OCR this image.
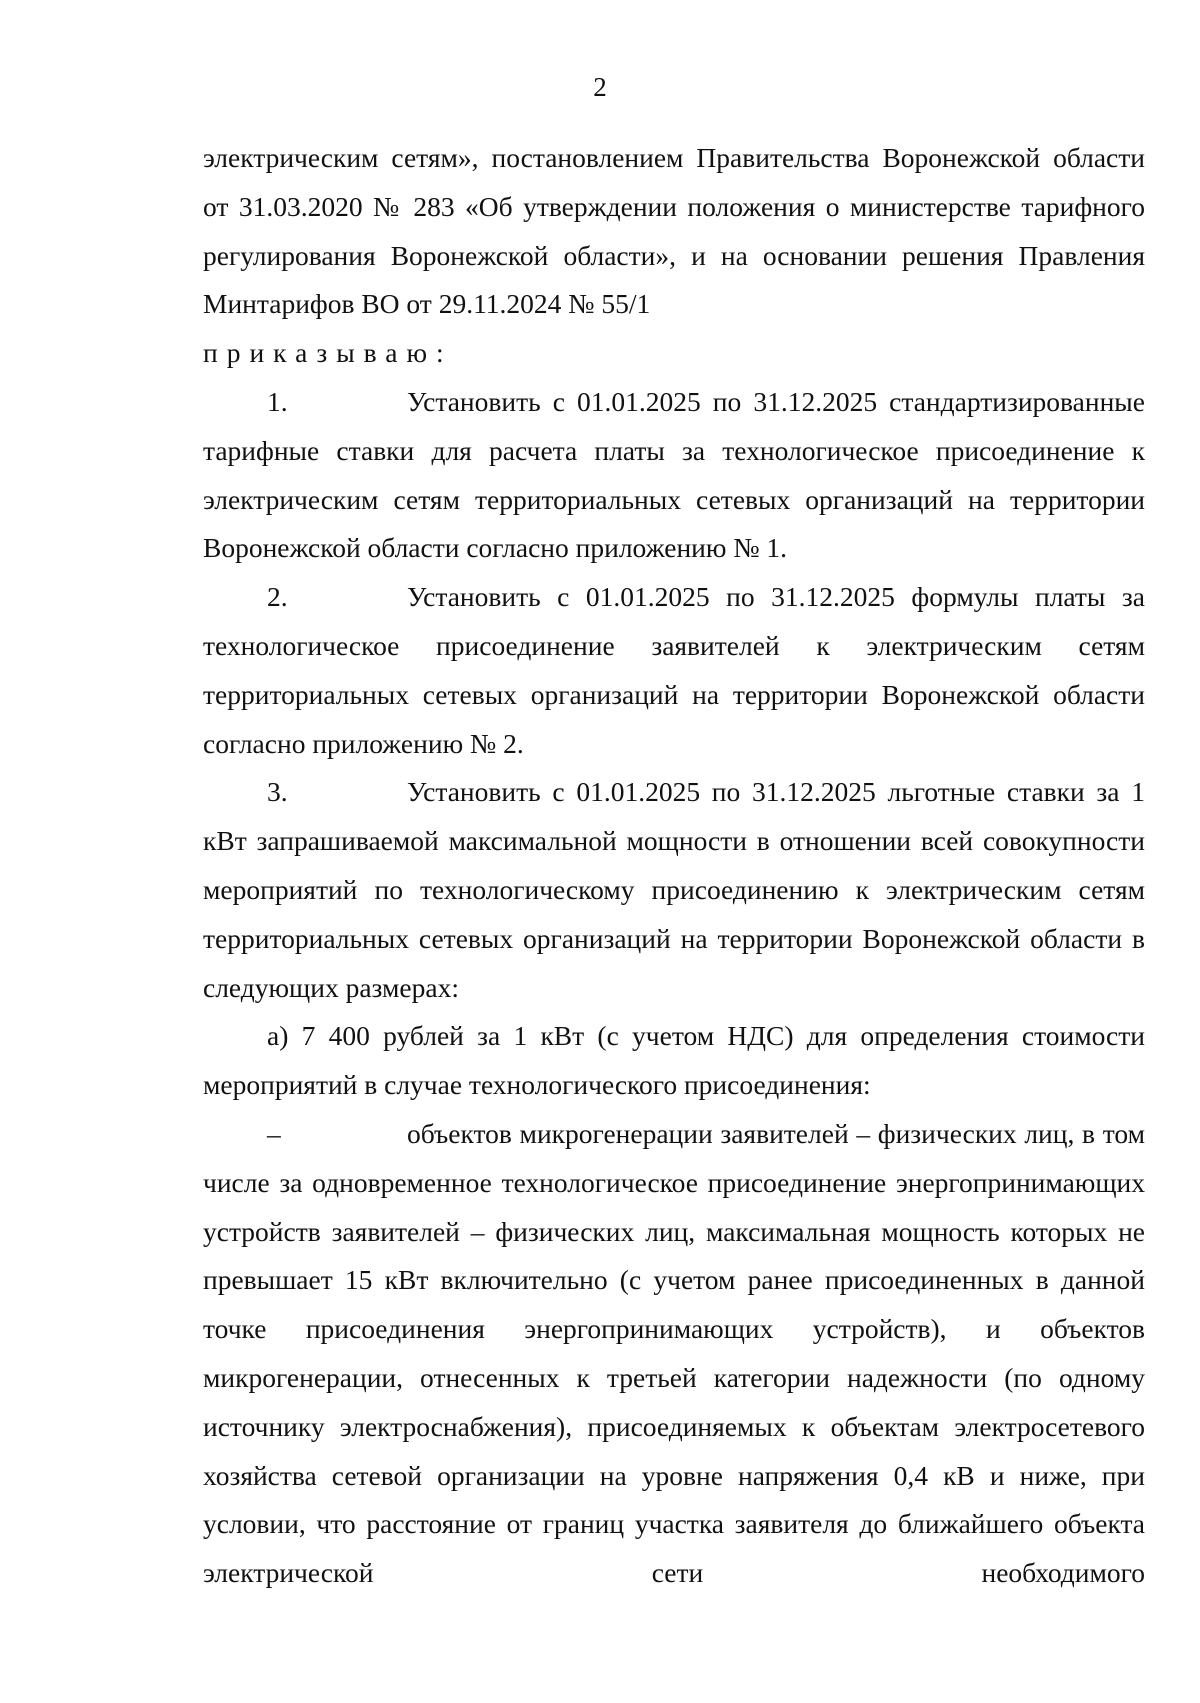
2

электрическим сетям», постановлением Правительства Воронежской области от 31.03.2020 № 283 «Об утверждении положения о министерстве тарифного регулирования Воронежской области», и на основании решения Правления Минтарифов ВО от 29.11.2024 № 55/1

приказываю:

1.	Установить с 01.01.2025 по 31.12.2025 стандартизированные тарифные ставки для расчета платы за технологическое присоединение к электрическим сетям территориальных сетевых организаций на территории Воронежской области согласно приложению № 1.

2.	Установить с 01.01.2025 по 31.12.2025 формулы платы за технологическое присоединение заявителей к электрическим сетям территориальных сетевых организаций на территории Воронежской области согласно приложению № 2.

3.	Установить с 01.01.2025 по 31.12.2025 льготные ставки за 1 кВт запрашиваемой максимальной мощности в отношении всей совокупности мероприятий по технологическому присоединению к электрическим сетям территориальных сетевых организаций на территории Воронежской области в следующих размерах:

а) 7 400 рублей за 1 кВт (с учетом НДС) для определения стоимости мероприятий в случае технологического присоединения:

–	объектов микрогенерации заявителей – физических лиц, в том числе за одновременное технологическое присоединение энергопринимающих устройств заявителей – физических лиц, максимальная мощность которых не превышает 15 кВт включительно (с учетом ранее присоединенных в данной точке присоединения энергопринимающих устройств), и объектов микрогенерации, отнесенных к третьей категории надежности (по одному источнику электроснабжения), присоединяемых к объектам электросетевого хозяйства сетевой организации на уровне напряжения 0,4 кВ и ниже, при условии, что расстояние от границ участка заявителя до ближайшего объекта электрической сети необходимого
